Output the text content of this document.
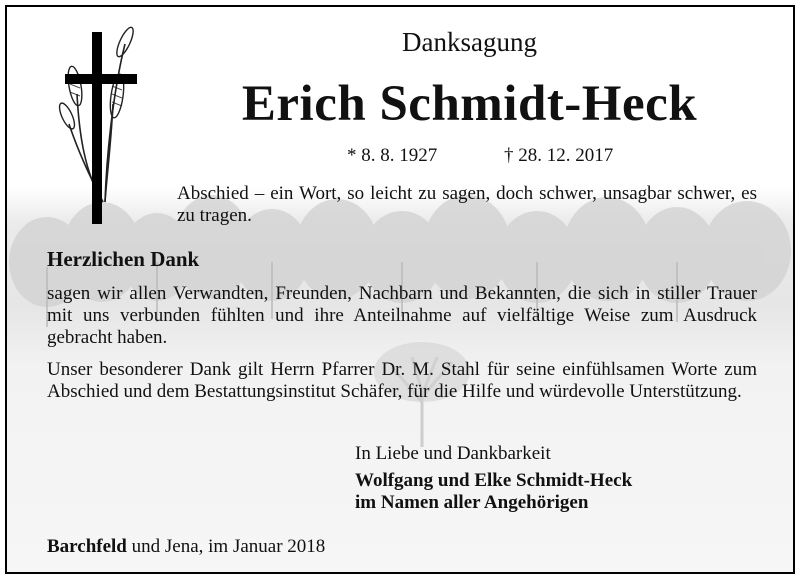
Danksagung
Erich Schmidt-Heck
* 8. 8. 1927	† 28. 12. 2017
Abschied – ein Wort, so leicht zu sagen, doch schwer, unsagbar schwer, es zu tragen.
Herzlichen Dank
sagen wir allen Verwandten, Freunden, Nachbarn und Bekannten, die sich in stiller Trauer mit uns verbunden fühlten und ihre Anteilnahme auf vielfältige Weise zum Ausdruck gebracht haben.
Unser besonderer Dank gilt Herrn Pfarrer Dr. M. Stahl für seine einfühlsamen Worte zum Abschied und dem Bestattungsinstitut Schäfer, für die Hilfe und würdevolle Unterstützung.
In Liebe und Dankbarkeit
Wolfgang und Elke Schmidt-Heck
im Namen aller Angehörigen
Barchfeld und Jena, im Januar 2018
